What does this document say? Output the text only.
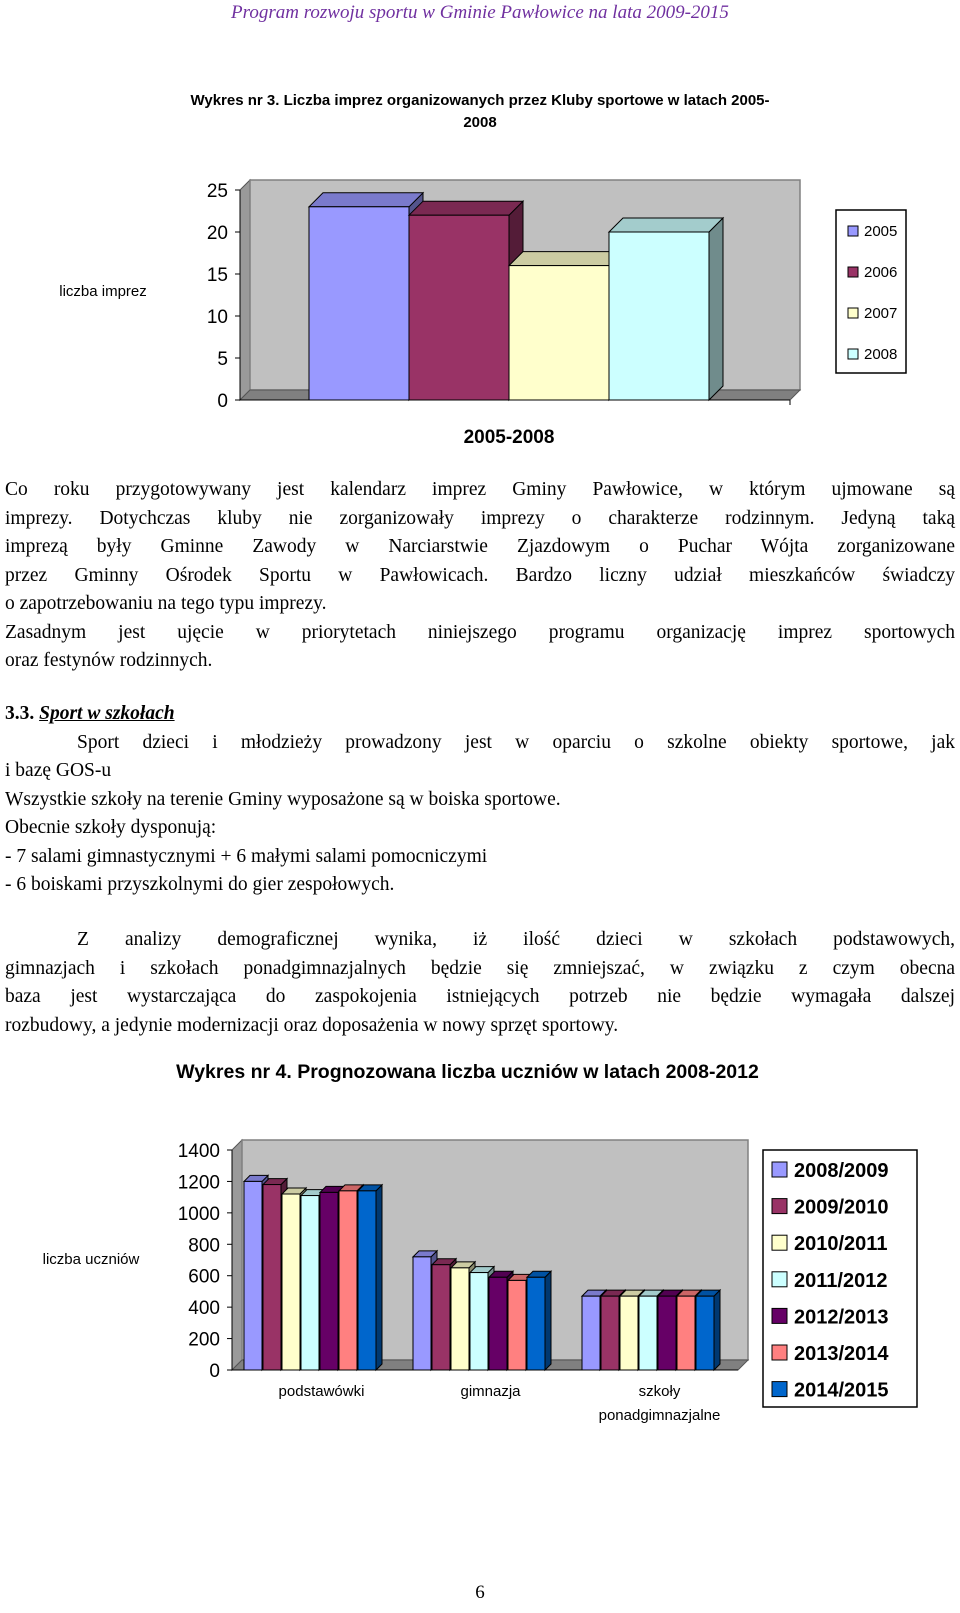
Program rozwoju sportu w Gminie Pawłowice na lata 2009-2015
Wykres nr 3. Liczba imprez organizowanych przez Kluby sportowe w latach 2005-
2008
25
20
15
10
5
0
2005-2008
liczba imprez
2005
2006
2007
2008
Co roku przygotowywany jest kalendarz imprez Gminy Pawłowice, w którym ujmowane są
imprezy. Dotychczas kluby nie zorganizowały imprezy o charakterze rodzinnym. Jedyną taką
imprezą były Gminne Zawody w Narciarstwie Zjazdowym o Puchar Wójta zorganizowane
przez Gminny Ośrodek Sportu w Pawłowicach. Bardzo liczny udział mieszkańców świadczy
o zapotrzebowaniu na tego typu imprezy.
Zasadnym jest ujęcie w priorytetach niniejszego programu organizację imprez sportowych
oraz festynów rodzinnych.
3.3. Sport w szkołach
Sport dzieci i młodzieży prowadzony jest w oparciu o szkolne obiekty sportowe, jak
i bazę GOS-u
Wszystkie szkoły na terenie Gminy wyposażone są w boiska sportowe.
Obecnie szkoły dysponują:
- 7 salami gimnastycznymi + 6 małymi salami pomocniczymi
- 6 boiskami przyszkolnymi do gier zespołowych.
Z analizy demograficznej wynika, iż ilość dzieci w szkołach podstawowych,
gimnazjach i szkołach ponadgimnazjalnych będzie się zmniejszać, w związku z czym obecna
baza jest wystarczająca do zaspokojenia istniejących potrzeb nie będzie wymagała dalszej
rozbudowy, a jedynie modernizacji oraz doposażenia w nowy sprzęt sportowy.
Wykres nr 4. Prognozowana liczba uczniów w latach 2008-2012
1400
1200
1000
800
600
400
200
0
podstawówki	gimnazja	szkoły
ponadgimnazjalne
liczba uczniów
2008/2009
2009/2010
2010/2011
2011/2012
2012/2013
2013/2014
2014/2015
6
